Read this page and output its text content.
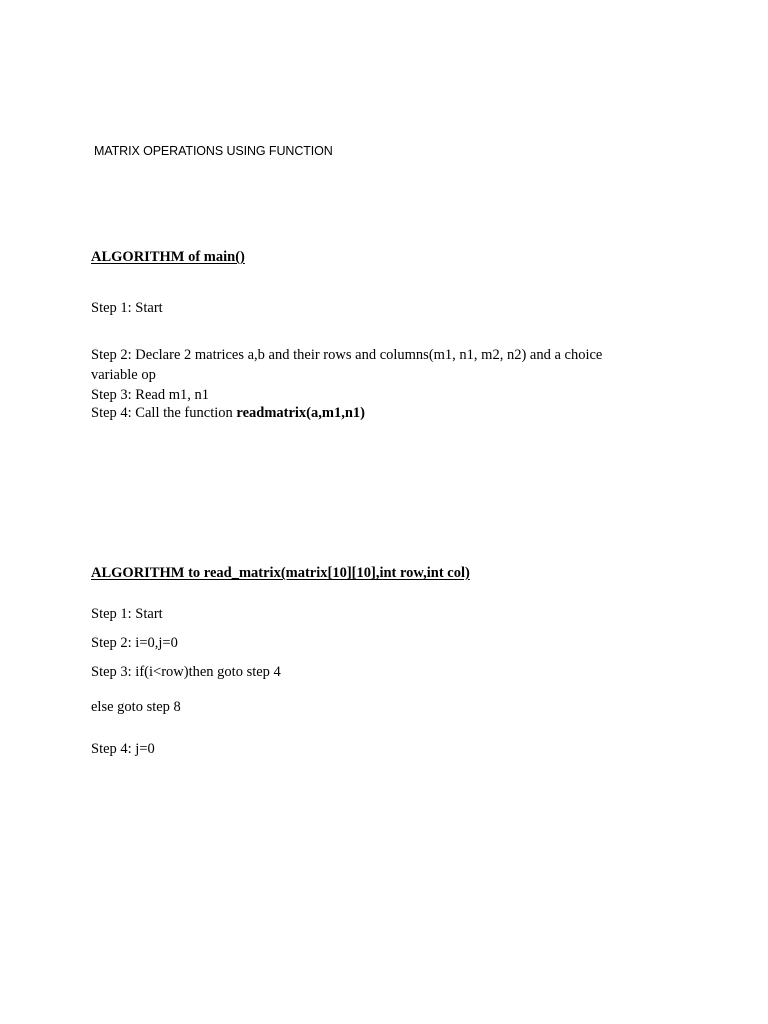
MATRIX OPERATIONS USING FUNCTION
ALGORITHM of main()
Step 1: Start
Step 2: Declare 2 matrices a,b and their rows and columns(m1, n1, m2, n2) and a choice
variable op
Step 3: Read m1, n1
Step 4: Call the function readmatrix(a,m1,n1)
ALGORITHM to read_matrix(matrix[10][10],int row,int col)
Step 1: Start
Step 2: i=0,j=0
Step 3: if(i<row)then goto step 4
else goto step 8
Step 4: j=0
